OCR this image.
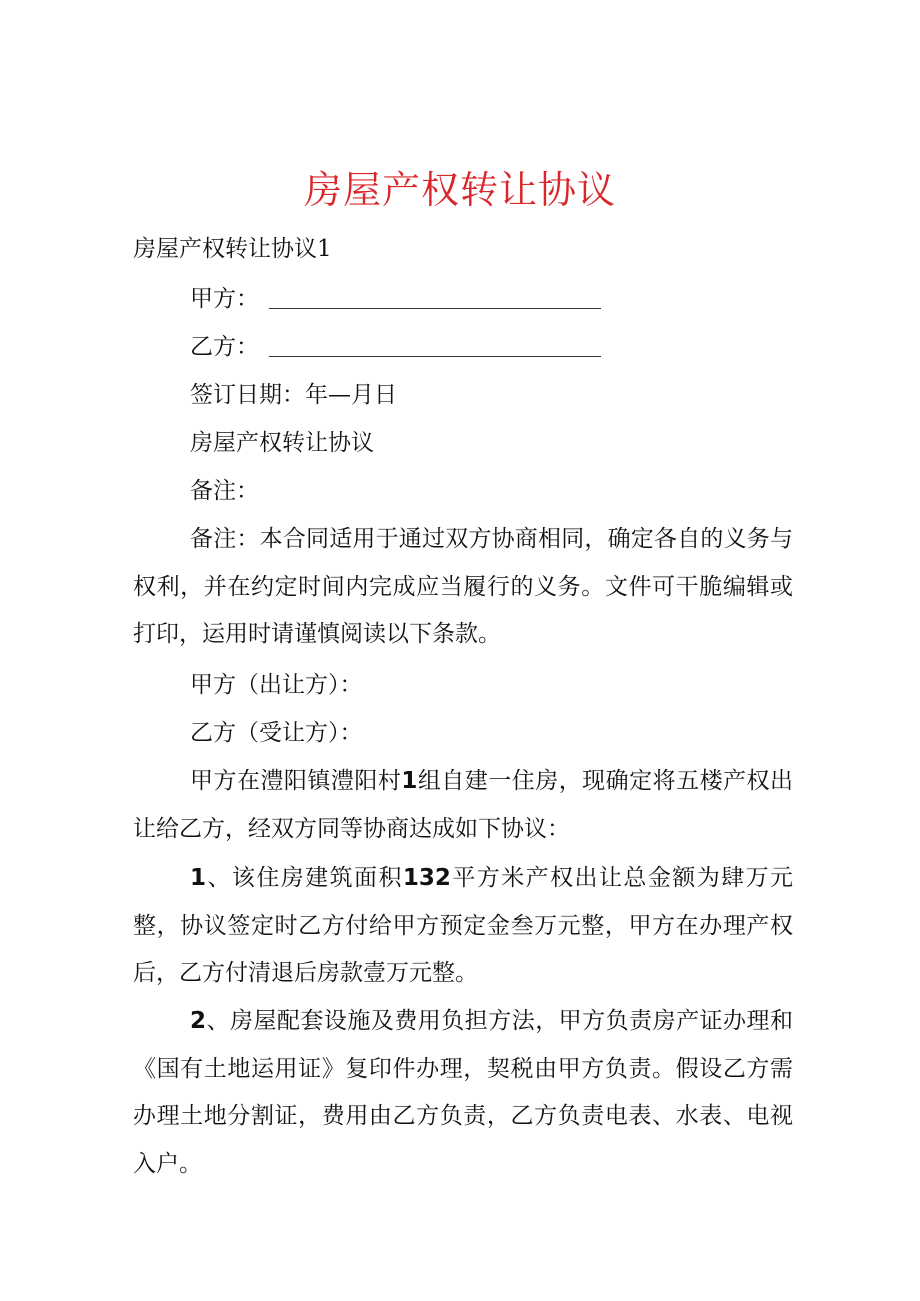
房屋产权转让协议
房屋产权转让协议1
甲方：
乙方：
签订日期：年—月日
房屋产权转让协议
备注：
备注：本合同适用于通过双方协商相同，确定各自的义务与权利，并在约定时间内完成应当履行的义务。文件可干脆编辑或打印，运用时请谨慎阅读以下条款。
甲方（出让方）：
乙方（受让方）：
甲方在澧阳镇澧阳村1组自建一住房，现确定将五楼产权出让给乙方，经双方同等协商达成如下协议：
1、该住房建筑面积132平方米产权出让总金额为肆万元整，协议签定时乙方付给甲方预定金叁万元整，甲方在办理产权后，乙方付清退后房款壹万元整。
2、房屋配套设施及费用负担方法，甲方负责房产证办理和《国有土地运用证》复印件办理，契税由甲方负责。假设乙方需办理土地分割证，费用由乙方负责，乙方负责电表、水表、电视入户。
